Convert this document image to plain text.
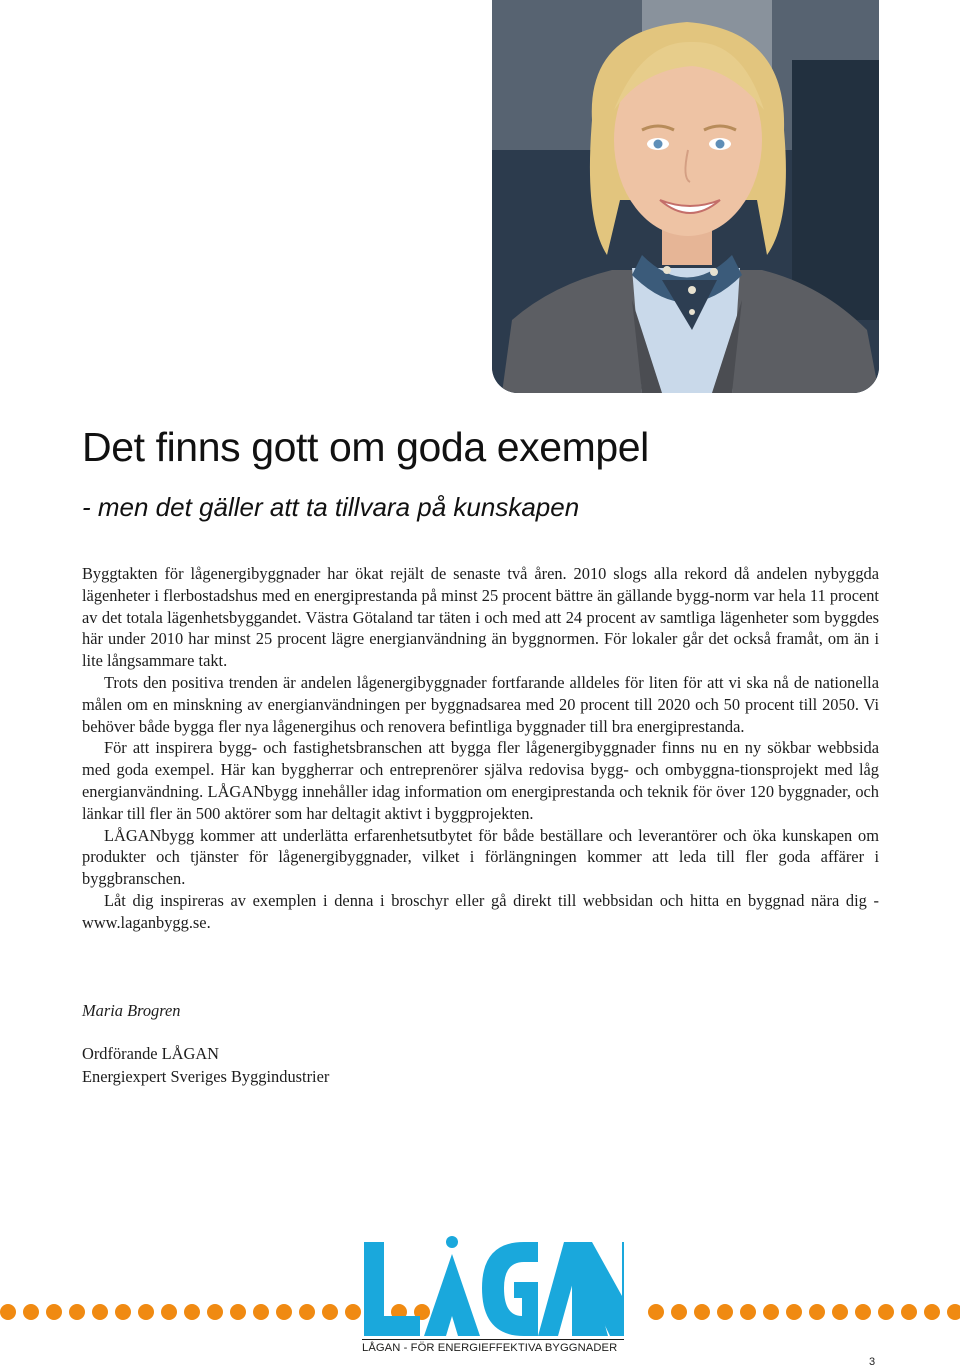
Det finns gott om goda exempel
- men det gäller att ta tillvara på kunskapen

Byggtakten för lågenergibyggnader har ökat rejält de senaste två åren. 2010 slogs alla rekord då andelen nybyggda lägenheter i flerbostadshus med en energiprestanda på minst 25 procent bättre än gällande bygg-norm var hela 11 procent av det totala lägenhetsbyggandet. Västra Götaland tar täten i och med att 24 procent av samtliga lägenheter som byggdes här under 2010 har minst 25 procent lägre energianvändning än byggnormen. För lokaler går det också framåt, om än i lite långsammare takt.

Trots den positiva trenden är andelen lågenergibyggnader fortfarande alldeles för liten för att vi ska nå de nationella målen om en minskning av energianvändningen per byggnadsarea med 20 procent till 2020 och 50 procent till 2050. Vi behöver både bygga fler nya lågenergihus och renovera befintliga byggnader till bra energiprestanda.

För att inspirera bygg- och fastighetsbranschen att bygga fler lågenergibyggnader finns nu en ny sökbar webbsida med goda exempel. Här kan byggherrar och entreprenörer själva redovisa bygg- och ombyggna-tionsprojekt med låg energianvändning. LÅGANbygg innehåller idag information om energiprestanda och teknik för över 120 byggnader, och länkar till fler än 500 aktörer som har deltagit aktivt i byggprojekten.

LÅGANbygg kommer att underlätta erfarenhetsutbytet för både beställare och leverantörer och öka kunskapen om produkter och tjänster för lågenergibyggnader, vilket i förlängningen kommer att leda till fler goda affärer i byggbranschen.

Låt dig inspireras av exemplen i denna i broschyr eller gå direkt till webbsidan och hitta en byggnad nära dig - www.laganbygg.se.

Maria Brogren
Ordförande LÅGAN
Energiexpert Sveriges Byggindustrier
LÅGAN - FÖR ENERGIEFFEKTIVA BYGGNADER
3
